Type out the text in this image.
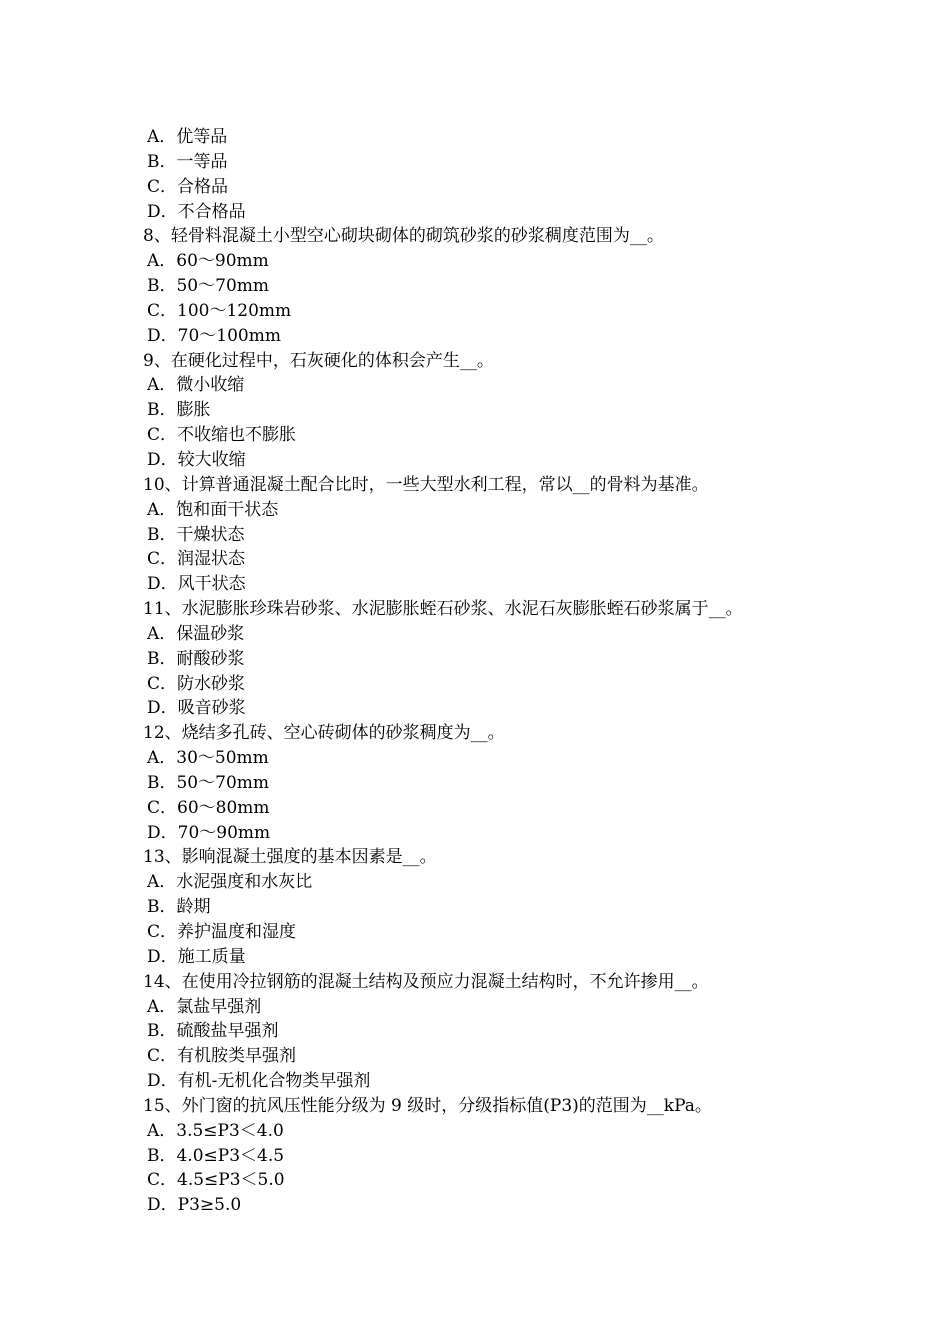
A．优等品
B．一等品
C．合格品
D．不合格品
8、轻骨料混凝土小型空心砌块砌体的砌筑砂浆的砂浆稠度范围为__。
A．60～90mm
B．50～70mm
C．100～120mm
D．70～100mm
9、在硬化过程中，石灰硬化的体积会产生__。
A．微小收缩
B．膨胀
C．不收缩也不膨胀
D．较大收缩
10、计算普通混凝土配合比时，一些大型水利工程，常以__的骨料为基准。
A．饱和面干状态
B．干燥状态
C．润湿状态
D．风干状态
11、水泥膨胀珍珠岩砂浆、水泥膨胀蛭石砂浆、水泥石灰膨胀蛭石砂浆属于__。
A．保温砂浆
B．耐酸砂浆
C．防水砂浆
D．吸音砂浆
12、烧结多孔砖、空心砖砌体的砂浆稠度为__。
A．30～50mm
B．50～70mm
C．60～80mm
D．70～90mm
13、影响混凝土强度的基本因素是__。
A．水泥强度和水灰比
B．龄期
C．养护温度和湿度
D．施工质量
14、在使用冷拉钢筋的混凝土结构及预应力混凝土结构时，不允许掺用__。
A．氯盐早强剂
B．硫酸盐早强剂
C．有机胺类早强剂
D．有机-无机化合物类早强剂
15、外门窗的抗风压性能分级为 9 级时，分级指标值(P3)的范围为__kPa。
A．3.5≤P3＜4.0
B．4.0≤P3＜4.5
C．4.5≤P3＜5.0
D．P3≥5.0
